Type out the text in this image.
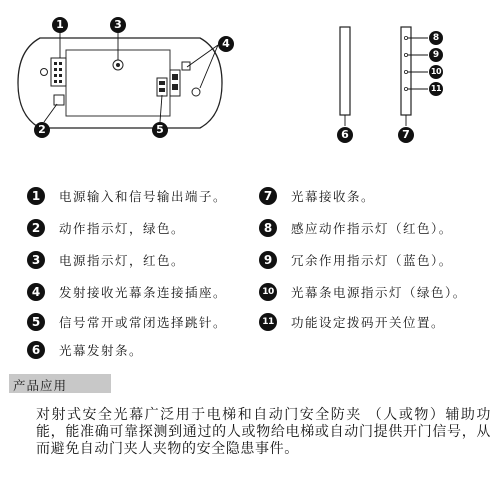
1	3
4
2	5	6	7
8
9
10
11
1	电源输入和信号输出端子。
2	动作指示灯，绿色。
3	电源指示灯，红色。
4	发射接收光幕条连接插座。
5	信号常开或常闭选择跳针。
6	光幕发射条。
7	光幕接收条。
8	感应动作指示灯（红色）。
9	冗余作用指示灯（蓝色）。
10 光幕条电源指示灯（绿色）。
11 功能设定拨码开关位置。
产品应用
对射式安全光幕广泛用于电梯和自动门安全防夹 （人或物）辅助功能，能准确可靠探测到通过的人或物给电梯或自动门提供开门信号，从而避免自动门夹人夹物的安全隐患事件。
